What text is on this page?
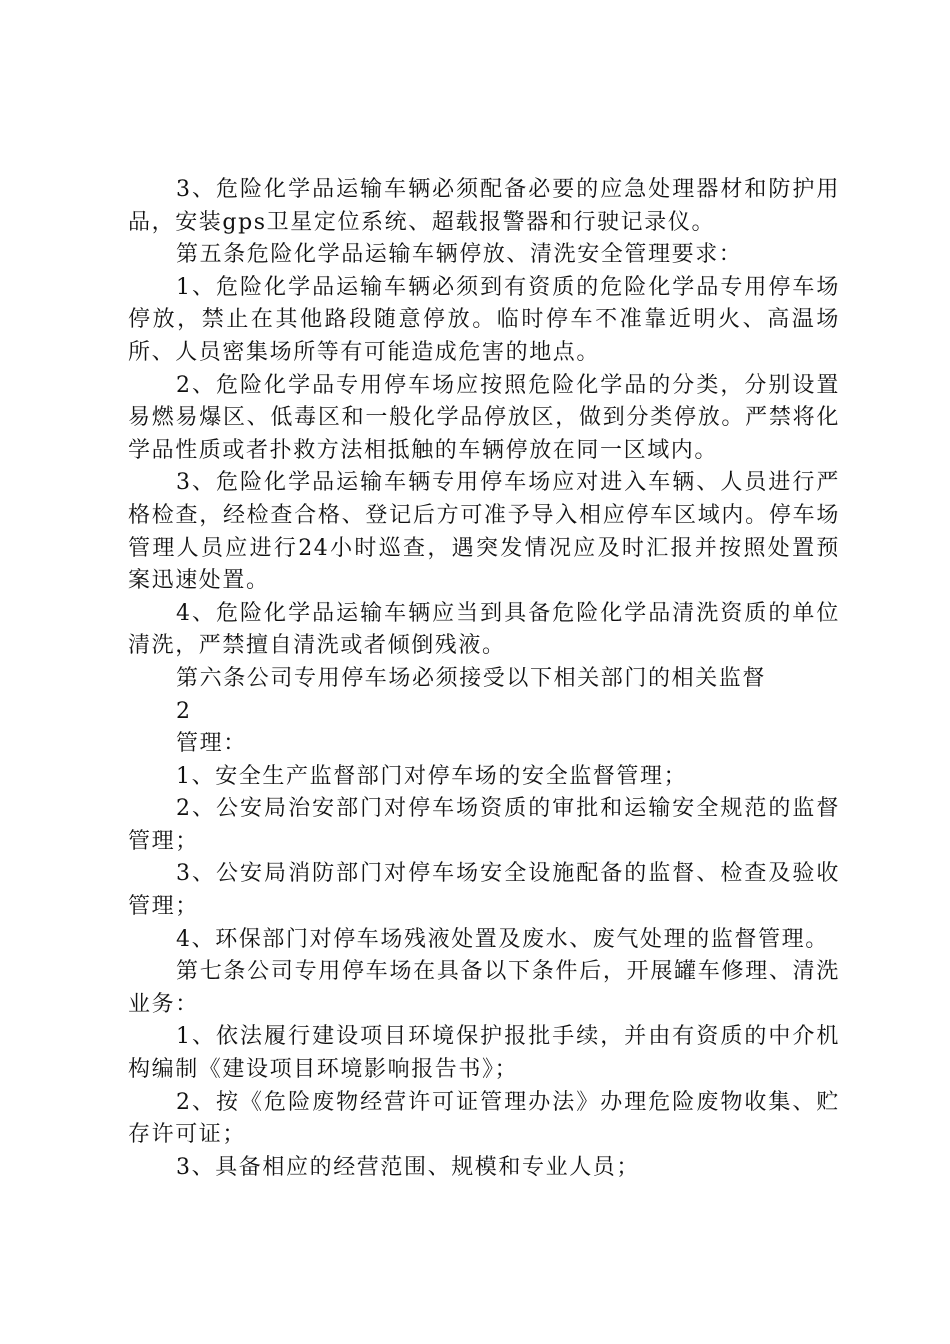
3、危险化学品运输车辆必须配备必要的应急处理器材和防护用品，安装gps卫星定位系统、超载报警器和行驶记录仪。

第五条危险化学品运输车辆停放、清洗安全管理要求：

1、危险化学品运输车辆必须到有资质的危险化学品专用停车场停放，禁止在其他路段随意停放。临时停车不准靠近明火、高温场所、人员密集场所等有可能造成危害的地点。

2、危险化学品专用停车场应按照危险化学品的分类，分别设置易燃易爆区、低毒区和一般化学品停放区，做到分类停放。严禁将化学品性质或者扑救方法相抵触的车辆停放在同一区域内。

3、危险化学品运输车辆专用停车场应对进入车辆、人员进行严格检查，经检查合格、登记后方可准予导入相应停车区域内。停车场管理人员应进行24小时巡查，遇突发情况应及时汇报并按照处置预案迅速处置。

4、危险化学品运输车辆应当到具备危险化学品清洗资质的单位清洗，严禁擅自清洗或者倾倒残液。

第六条公司专用停车场必须接受以下相关部门的相关监督

2

管理：

1、安全生产监督部门对停车场的安全监督管理；

2、公安局治安部门对停车场资质的审批和运输安全规范的监督管理；

3、公安局消防部门对停车场安全设施配备的监督、检查及验收管理；

4、环保部门对停车场残液处置及废水、废气处理的监督管理。

第七条公司专用停车场在具备以下条件后，开展罐车修理、清洗业务：

1、依法履行建设项目环境保护报批手续，并由有资质的中介机构编制《建设项目环境影响报告书》；

2、按《危险废物经营许可证管理办法》办理危险废物收集、贮存许可证；

3、具备相应的经营范围、规模和专业人员；
